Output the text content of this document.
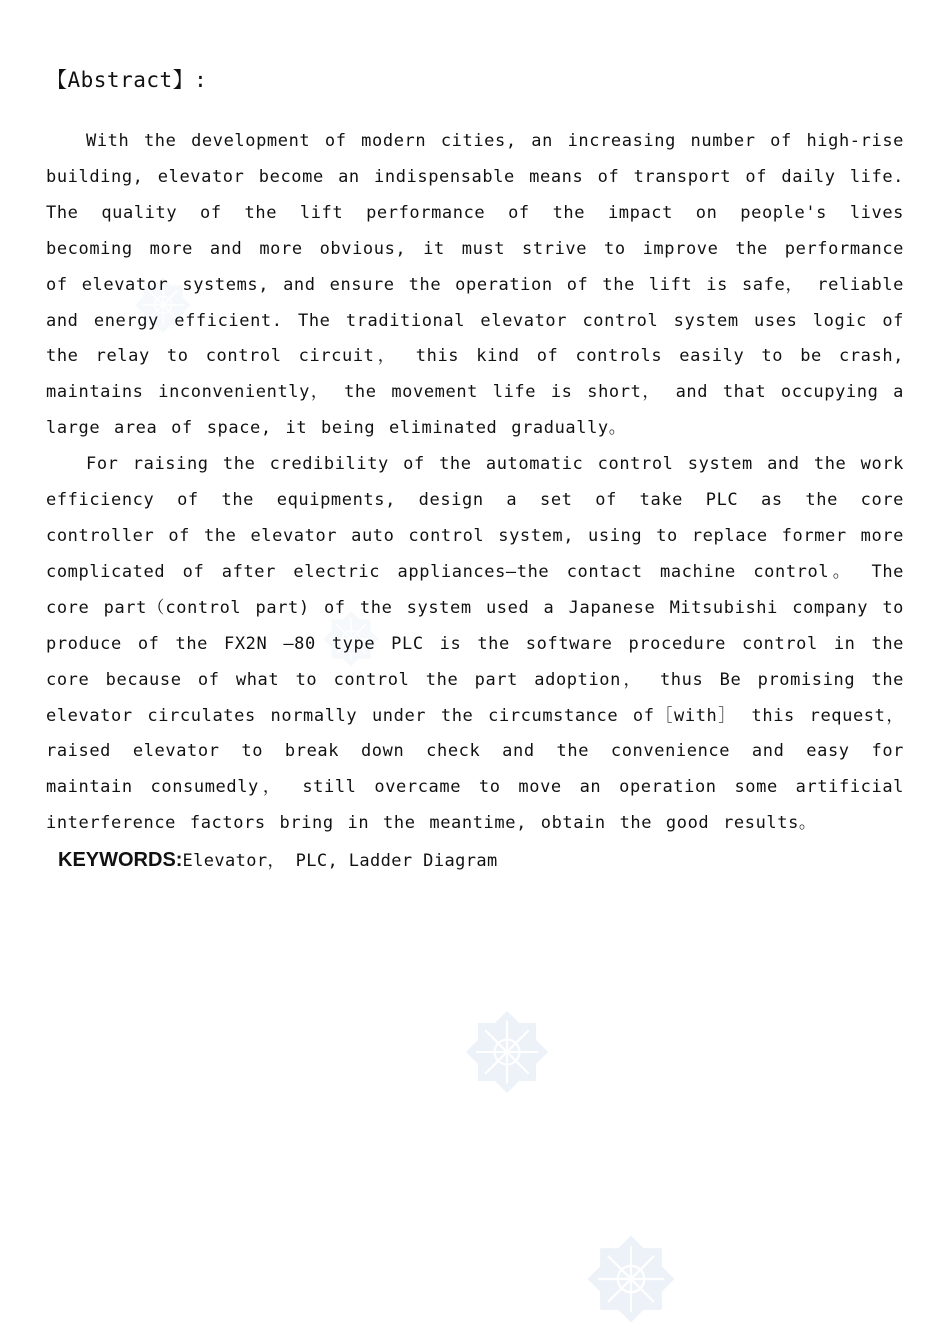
【Abstract】:

With the development of modern cities, an increasing number of high-rise building, elevator become an indispensable means of transport of daily life. The quality of the lift performance of the impact on people's lives becoming more and more obvious, it must strive to improve the performance of elevator systems, and ensure the operation of the lift is safe， reliable and energy efficient. The traditional elevator control system uses logic of the relay to control circuit， this kind of controls easily to be crash, maintains inconveniently， the movement life is short， and that occupying a large area of space, it being eliminated gradually。

For raising the credibility of the automatic control system and the work efficiency of the equipments, design a set of take PLC as the core controller of the elevator auto control system, using to replace former more complicated of after electric appliances—the contact machine control。 The core part（control part) of the system used a Japanese Mitsubishi company to produce of the FX2N —80 type PLC is the software procedure control in the core because of what to control the part adoption， thus Be promising the elevator circulates normally under the circumstance of［with］ this request， raised elevator to break down check and the convenience and easy for maintain consumedly， still overcame to move an operation some artificial interference factors bring in the meantime, obtain the good results。

KEYWORDS:Elevator， PLC, Ladder Diagram
